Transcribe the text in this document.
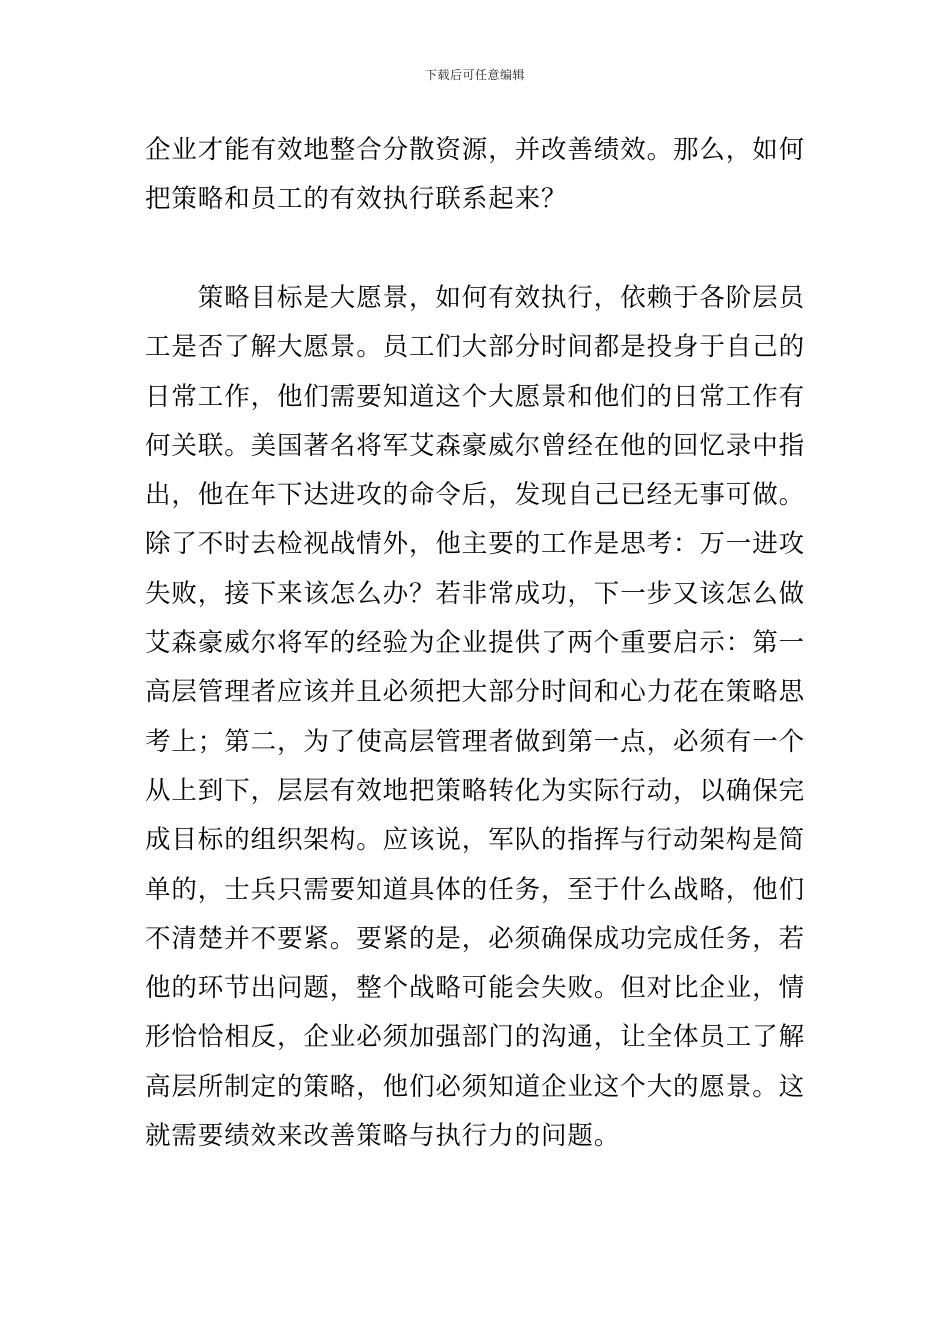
下载后可任意编辑
企业才能有效地整合分散资源，并改善绩效。那么，如何
把策略和员工的有效执行联系起来？
　　策略目标是大愿景，如何有效执行，依赖于各阶层员
工是否了解大愿景。员工们大部分时间都是投身于自己的
日常工作，他们需要知道这个大愿景和他们的日常工作有
何关联。美国著名将军艾森豪威尔曾经在他的回忆录中指
出，他在年下达进攻的命令后，发现自己已经无事可做。
除了不时去检视战情外，他主要的工作是思考：万一进攻
失败，接下来该怎么办？若非常成功，下一步又该怎么做
艾森豪威尔将军的经验为企业提供了两个重要启示：第一
高层管理者应该并且必须把大部分时间和心力花在策略思
考上；第二，为了使高层管理者做到第一点，必须有一个
从上到下，层层有效地把策略转化为实际行动，以确保完
成目标的组织架构。应该说，军队的指挥与行动架构是简
单的，士兵只需要知道具体的任务，至于什么战略，他们
不清楚并不要紧。要紧的是，必须确保成功完成任务，若
他的环节出问题，整个战略可能会失败。但对比企业，情
形恰恰相反，企业必须加强部门的沟通，让全体员工了解
高层所制定的策略，他们必须知道企业这个大的愿景。这
就需要绩效来改善策略与执行力的问题。
